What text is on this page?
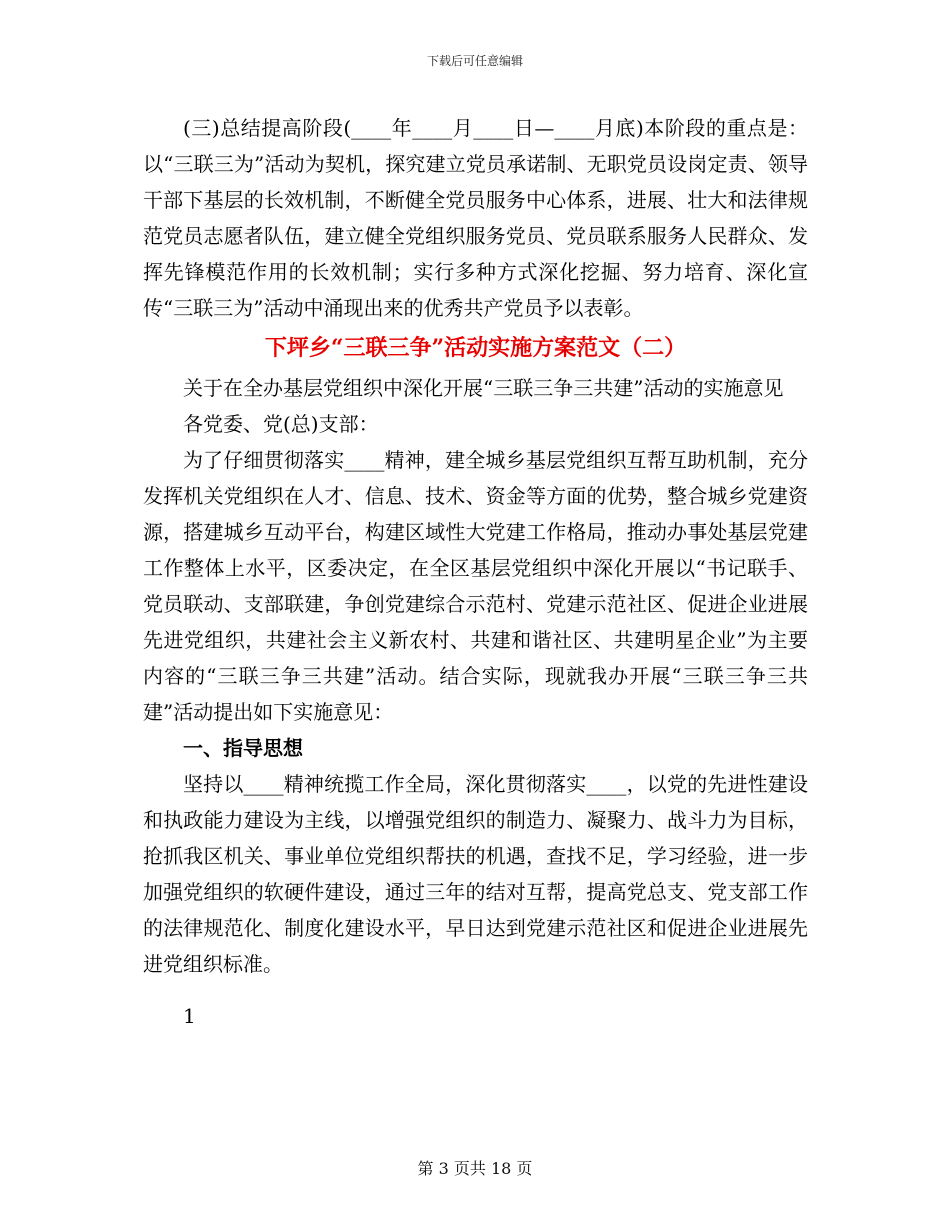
下载后可任意编辑

(三)总结提高阶段(____年____月____日—____月底)本阶段的重点是：以“三联三为”活动为契机，探究建立党员承诺制、无职党员设岗定责、领导干部下基层的长效机制，不断健全党员服务中心体系，进展、壮大和法律规范党员志愿者队伍，建立健全党组织服务党员、党员联系服务人民群众、发挥先锋模范作用的长效机制；实行多种方式深化挖掘、努力培育、深化宣传“三联三为”活动中涌现出来的优秀共产党员予以表彰。

下坪乡“三联三争”活动实施方案范文（二）

关于在全办基层党组织中深化开展“三联三争三共建”活动的实施意见

各党委、党(总)支部：

为了仔细贯彻落实____精神，建全城乡基层党组织互帮互助机制，充分发挥机关党组织在人才、信息、技术、资金等方面的优势，整合城乡党建资源，搭建城乡互动平台，构建区域性大党建工作格局，推动办事处基层党建工作整体上水平，区委决定，在全区基层党组织中深化开展以“书记联手、党员联动、支部联建，争创党建综合示范村、党建示范社区、促进企业进展先进党组织，共建社会主义新农村、共建和谐社区、共建明星企业”为主要内容的“三联三争三共建”活动。结合实际，现就我办开展“三联三争三共建”活动提出如下实施意见：

一、指导思想

坚持以____精神统揽工作全局，深化贯彻落实____，以党的先进性建设和执政能力建设为主线，以增强党组织的制造力、凝聚力、战斗力为目标，抢抓我区机关、事业单位党组织帮扶的机遇，查找不足，学习经验，进一步加强党组织的软硬件建设，通过三年的结对互帮，提高党总支、党支部工作的法律规范化、制度化建设水平，早日达到党建示范社区和促进企业进展先进党组织标准。

1
第 3 页共 18 页
